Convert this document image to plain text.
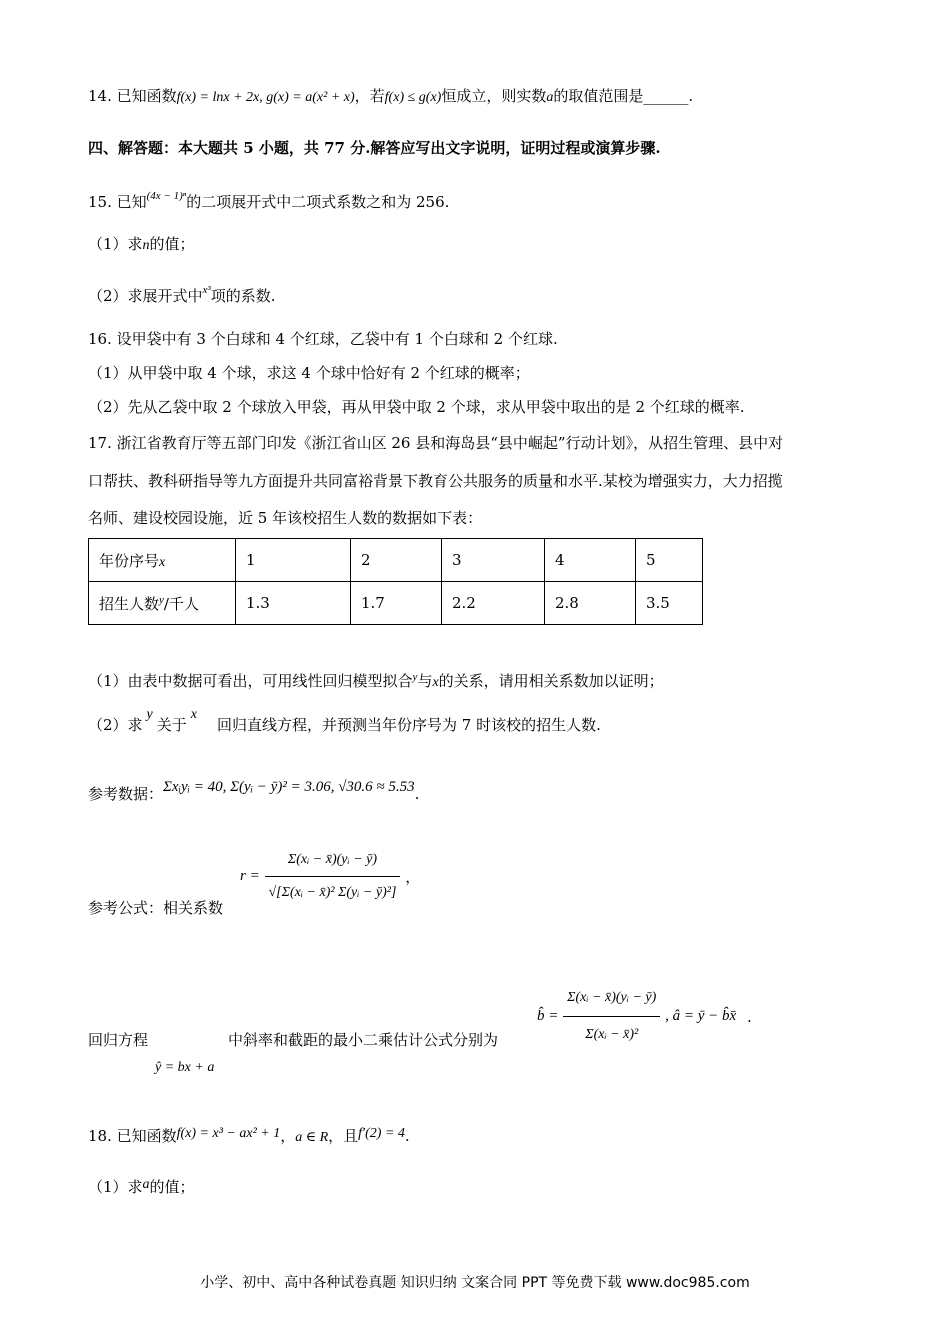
14. 已知函数f(x) = lnx + 2x, g(x) = a(x² + x)，若f(x) ≤ g(x)恒成立，则实数a的取值范围是______.
四、解答题：本大题共 5 小题，共 77 分.解答应写出文字说明，证明过程或演算步骤.
15. 已知$^{(4x - 1)^n}$的二项展开式中二项式系数之和为 256.
（1）求n的值；
（2）求展开式中$^{x^3}$项的系数.
16. 设甲袋中有 3 个白球和 4 个红球，乙袋中有 1 个白球和 2 个红球.
（1）从甲袋中取 4 个球，求这 4 个球中恰好有 2 个红球的概率；
（2）先从乙袋中取 2 个球放入甲袋，再从甲袋中取 2 个球，求从甲袋中取出的是 2 个红球的概率.
17. 浙江省教育厅等五部门印发《浙江省山区 26 县和海岛县“县中崛起”行动计划》，从招生管理、县中对
口帮扶、教科研指导等九方面提升共同富裕背景下教育公共服务的质量和水平.某校为增强实力，大力招揽
名师、建设校园设施，近 5 年该校招生人数的数据如下表：
年份序号x	1	2	3	4	5
招生人数$^y$/千人	1.3	1.7	2.2	2.8	3.5
（1）由表中数据可看出，可用线性回归模型拟合$^y$与x的关系，请用相关系数加以证明；
（2）求y关于x回归直线方程，并预测当年份序号为 7 时该校的招生人数.
参考数据：Σxᵢyᵢ = 40, Σ(yᵢ − ȳ)² = 3.06, √30.6 ≈ 5.53.
参考公式：相关系数
$r = \frac{\text{Σ(xᵢ − x̄)(yᵢ − ȳ)}}{\text{√[Σ(xᵢ − x̄)² Σ(yᵢ − ȳ)²]}}$ ，
回归方程	中斜率和截距的最小二乘估计公式分别为
ŷ = bx + a
b̂ = $\frac{\text{Σ(xᵢ − x̄)(yᵢ − ȳ)}}{\text{Σ(xᵢ − x̄)²}}$ , â = ȳ − b̂x̄ .
18. 已知函数f(x) = x³ − ax² + 1，a ∈ R，且f′(2) = 4.
（1）求a的值；
小学、初中、高中各种试卷真题 知识归纳 文案合同 PPT 等免费下载 www.doc985.com
